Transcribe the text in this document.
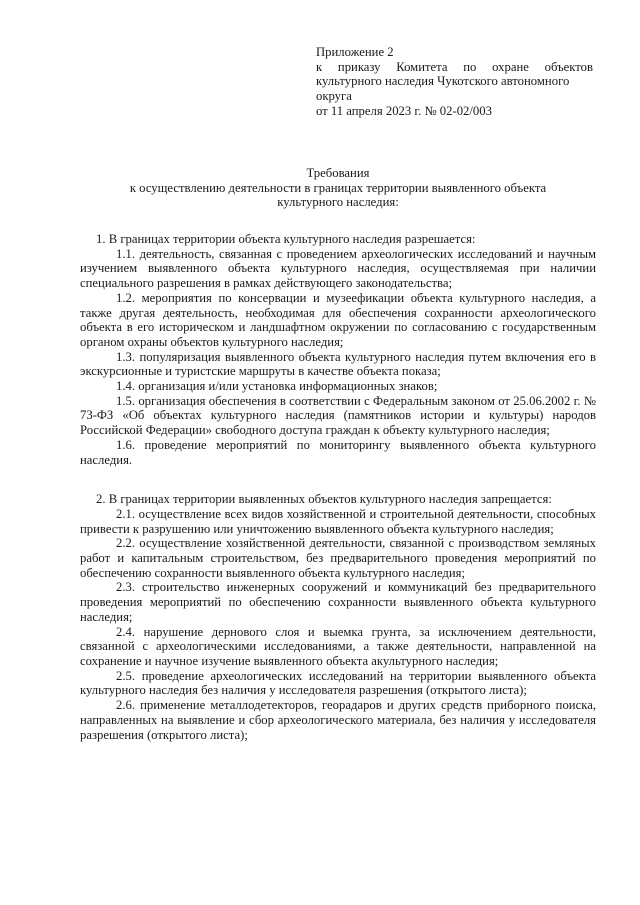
Приложение 2
к приказу Комитета по охране объектов
культурного наследия Чукотского автономного
округа
от 11 апреля 2023 г. № 02-02/003
Требования
к осуществлению деятельности в границах территории выявленного объекта
культурного наследия:

1. В границах территории объекта культурного наследия разрешается:

1.1. деятельность, связанная с проведением археологических исследований и научным изучением выявленного объекта культурного наследия, осуществляемая при наличии специального разрешения в рамках действующего законодательства;

1.2. мероприятия по консервации и музеефикации объекта культурного наследия, а также другая деятельность, необходимая для обеспечения сохранности археологического объекта в его историческом и ландшафтном окружении по согласованию с государственным органом охраны объектов культурного наследия;

1.3. популяризация выявленного объекта культурного наследия путем включения его в экскурсионные и туристские маршруты в качестве объекта показа;

1.4. организация и/или установка информационных знаков;

1.5. организация обеспечения в соответствии с Федеральным законом от 25.06.2002 г. № 73-ФЗ «Об объектах культурного наследия (памятников истории и культуры) народов Российской Федерации» свободного доступа граждан к объекту культурного наследия;

1.6. проведение мероприятий по мониторингу выявленного объекта культурного наследия.

2. В границах территории выявленных объектов культурного наследия запрещается:

2.1. осуществление всех видов хозяйственной и строительной деятельности, способных привести к разрушению или уничтожению выявленного объекта культурного наследия;

2.2. осуществление хозяйственной деятельности, связанной с производством земляных работ и капитальным строительством, без предварительного проведения мероприятий по обеспечению сохранности выявленного объекта культурного наследия;

2.3. строительство инженерных сооружений и коммуникаций без предварительного проведения мероприятий по обеспечению сохранности выявленного объекта культурного наследия;

2.4. нарушение дернового слоя и выемка грунта, за исключением деятельности, связанной с археологическими исследованиями, а также деятельности, направленной на сохранение и научное изучение выявленного объекта акультурного наследия;

2.5. проведение археологических исследований на территории выявленного объекта культурного наследия без наличия у исследователя разрешения (открытого листа);

2.6. применение металлодетекторов, георадаров и других средств приборного поиска, направленных на выявление и сбор археологического материала, без наличия у исследователя разрешения (открытого листа);
